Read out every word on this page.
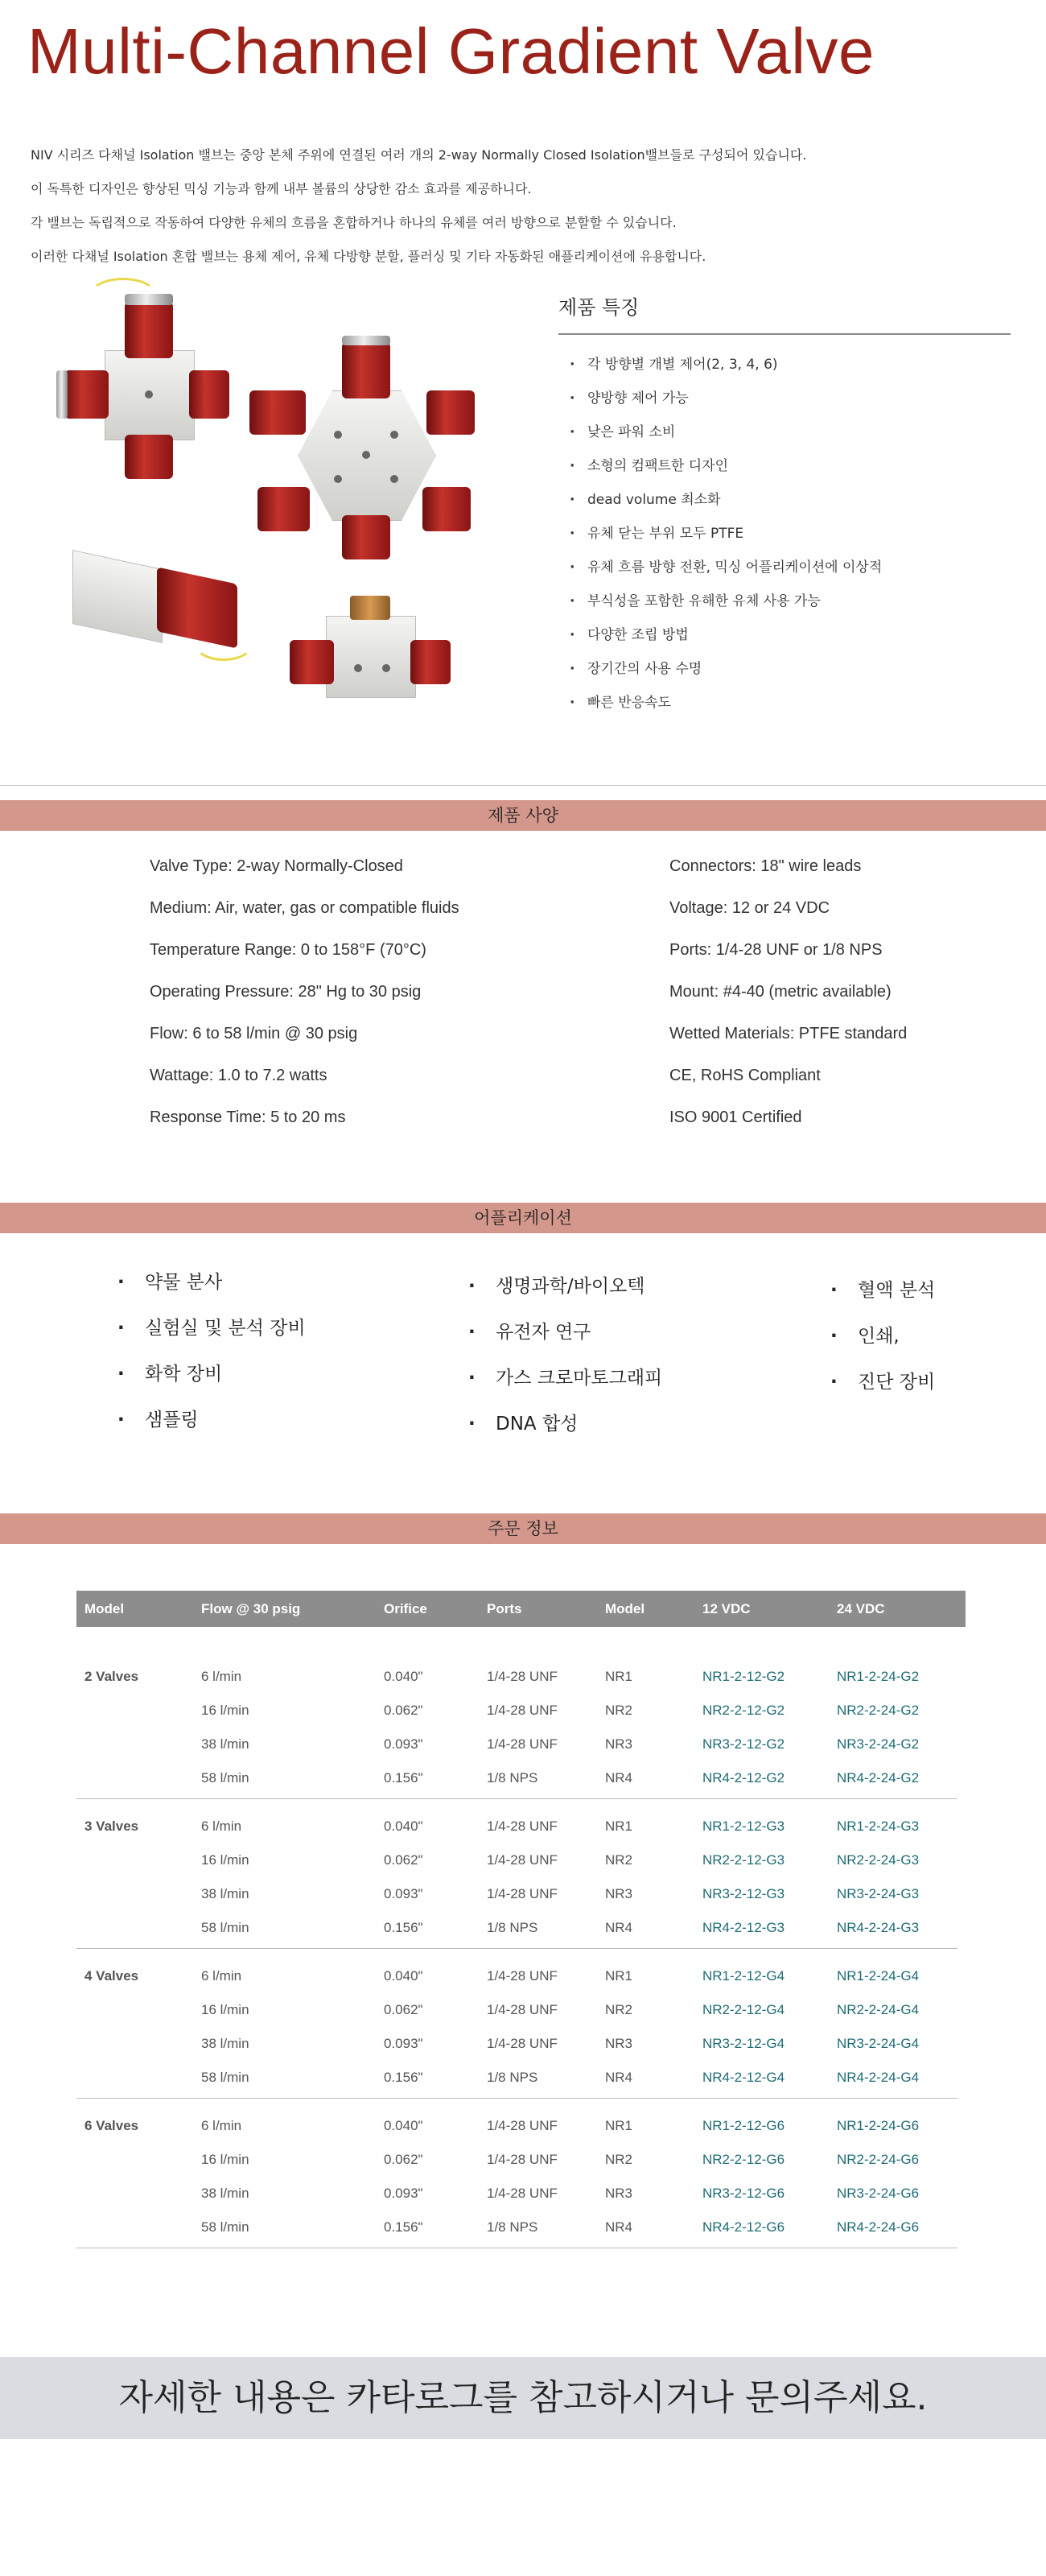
Multi-Channel Gradient Valve
NIV 시리즈 다채널 Isolation 밸브는 중앙 본체 주위에 연결된 여러 개의 2-way Normally Closed Isolation밸브들로 구성되어 있습니다.
이 독특한 디자인은 향상된 믹싱 기능과 함께 내부 볼륨의 상당한 감소 효과를 제공하니다.
각 밸브는 독립적으로 작동하여 다양한 유체의 흐름을 혼합하거나 하나의 유체를 여러 방향으로 분할할 수 있습니다.
이러한 다채널 Isolation 혼합 밸브는 용체 제어, 유체 다방향 분할, 플러싱 및 기타 자동화된 애플리케이션에 유용합니다.
제품 특징
· 각 방향별 개별 제어(2, 3, 4, 6)
· 양방향 제어 가능
· 낮은 파워 소비
· 소형의 컴팩트한 디자인
· dead volume 최소화
· 유체 닫는 부위 모두 PTFE
· 유체 흐름 방향 전환, 믹싱 어플리케이션에 이상적
· 부식성을 포함한 유해한 유체 사용 가능
· 다양한 조립 방법
· 장기간의 사용 수명
· 빠른 반응속도
제품 사양
Valve Type: 2-way Normally-Closed
Medium: Air, water, gas or compatible fluids
Temperature Range: 0 to 158°F (70°C)
Operating Pressure: 28" Hg to 30 psig
Flow: 6 to 58 l/min @ 30 psig
Wattage: 1.0 to 7.2 watts
Response Time: 5 to 20 ms
Connectors: 18" wire leads
Voltage: 12 or 24 VDC
Ports: 1/4-28 UNF or 1/8 NPS
Mount: #4-40 (metric available)
Wetted Materials: PTFE standard
CE, RoHS Compliant
ISO 9001 Certified
어플리케이션
· 약물 분사
· 실험실 및 분석 장비
· 화학 장비
· 샘플링
· 생명과학/바이오텍
· 유전자 연구
· 가스 크로마토그래피
· DNA 합성
· 혈액 분석
· 인쇄,
· 진단 장비
주문 정보
Model	Flow @ 30 psig	Orifice	Ports	Model	12 VDC	24 VDC
2 Valves	6 l/min	0.040"	1/4-28 UNF	NR1	NR1-2-12-G2	NR1-2-24-G2
16 l/min	0.062"	1/4-28 UNF	NR2	NR2-2-12-G2	NR2-2-24-G2
38 l/min	0.093"	1/4-28 UNF	NR3	NR3-2-12-G2	NR3-2-24-G2
58 l/min	0.156"	1/8 NPS	NR4	NR4-2-12-G2	NR4-2-24-G2
3 Valves	6 l/min	0.040"	1/4-28 UNF	NR1	NR1-2-12-G3	NR1-2-24-G3
16 l/min	0.062"	1/4-28 UNF	NR2	NR2-2-12-G3	NR2-2-24-G3
38 l/min	0.093"	1/4-28 UNF	NR3	NR3-2-12-G3	NR3-2-24-G3
58 l/min	0.156"	1/8 NPS	NR4	NR4-2-12-G3	NR4-2-24-G3
4 Valves	6 l/min	0.040"	1/4-28 UNF	NR1	NR1-2-12-G4	NR1-2-24-G4
16 l/min	0.062"	1/4-28 UNF	NR2	NR2-2-12-G4	NR2-2-24-G4
38 l/min	0.093"	1/4-28 UNF	NR3	NR3-2-12-G4	NR3-2-24-G4
58 l/min	0.156"	1/8 NPS	NR4	NR4-2-12-G4	NR4-2-24-G4
6 Valves	6 l/min	0.040"	1/4-28 UNF	NR1	NR1-2-12-G6	NR1-2-24-G6
16 l/min	0.062"	1/4-28 UNF	NR2	NR2-2-12-G6	NR2-2-24-G6
38 l/min	0.093"	1/4-28 UNF	NR3	NR3-2-12-G6	NR3-2-24-G6
58 l/min	0.156"	1/8 NPS	NR4	NR4-2-12-G6	NR4-2-24-G6
자세한 내용은 카타로그를 참고하시거나 문의주세요.
